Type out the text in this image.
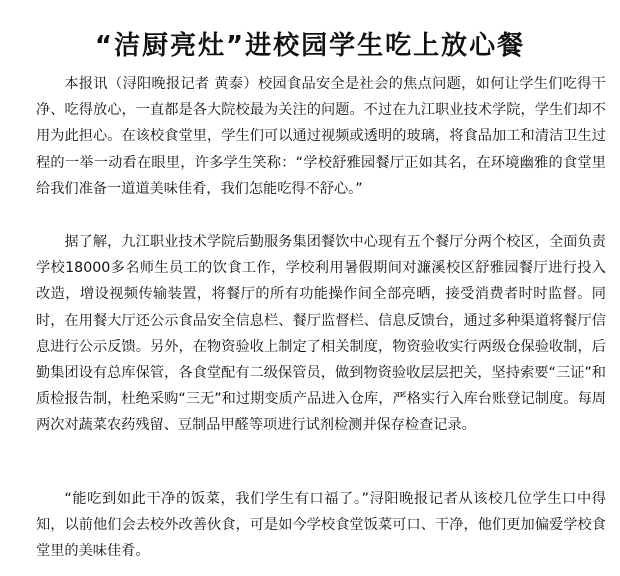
“洁厨亮灶”进校园学生吃上放心餐

本报讯（浔阳晚报记者 黄泰）校园食品安全是社会的焦点问题，如何让学生们吃得干净、吃得放心，一直都是各大院校最为关注的问题。不过在九江职业技术学院，学生们却不用为此担心。在该校食堂里，学生们可以通过视频或透明的玻璃，将食品加工和清洁卫生过程的一举一动看在眼里，许多学生笑称：“学校舒雅园餐厅正如其名，在环境幽雅的食堂里给我们准备一道道美味佳肴，我们怎能吃得不舒心。”

据了解，九江职业技术学院后勤服务集团餐饮中心现有五个餐厅分两个校区，全面负责学校18000多名师生员工的饮食工作，学校利用暑假期间对濂溪校区舒雅园餐厅进行投入改造，增设视频传输装置，将餐厅的所有功能操作间全部亮晒，接受消费者时时监督。同时，在用餐大厅还公示食品安全信息栏、餐厅监督栏、信息反馈台，通过多种渠道将餐厅信息进行公示反馈。另外，在物资验收上制定了相关制度，物资验收实行两级仓保验收制，后勤集团设有总库保管，各食堂配有二级保管员，做到物资验收层层把关，坚持索要“三证”和质检报告制，杜绝采购“三无”和过期变质产品进入仓库，严格实行入库台账登记制度。每周两次对蔬菜农药残留、豆制品甲醛等项进行试剂检测并保存检查记录。

“能吃到如此干净的饭菜，我们学生有口福了。”浔阳晚报记者从该校几位学生口中得知，以前他们会去校外改善伙食，可是如今学校食堂饭菜可口、干净，他们更加偏爱学校食堂里的美味佳肴。
